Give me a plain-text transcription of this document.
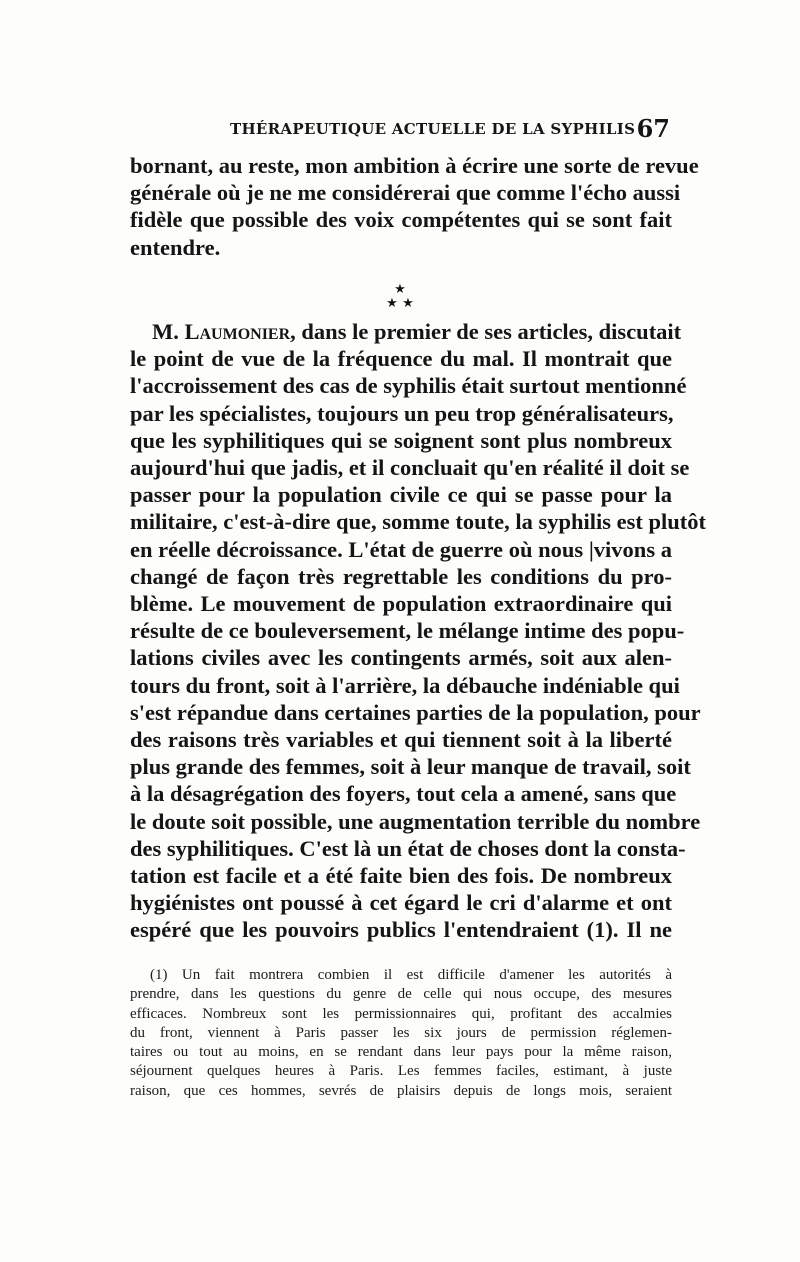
THÉRAPEUTIQUE ACTUELLE DE LA SYPHILIS 67

bornant, au reste, mon ambition à écrire une sorte de revue
générale où je ne me considérerai que comme l'écho aussi
fidèle que possible des voix compétentes qui se sont fait
entendre.

★
★ ★

M. Laumonier, dans le premier de ses articles, discutait
le point de vue de la fréquence du mal. Il montrait que
l'accroissement des cas de syphilis était surtout mentionné
par les spécialistes, toujours un peu trop généralisateurs,
que les syphilitiques qui se soignent sont plus nombreux
aujourd'hui que jadis, et il concluait qu'en réalité il doit se
passer pour la population civile ce qui se passe pour la
militaire, c'est-à-dire que, somme toute, la syphilis est plutôt
en réelle décroissance. L'état de guerre où nous |vivons a
changé de façon très regrettable les conditions du pro-
blème. Le mouvement de population extraordinaire qui
résulte de ce bouleversement, le mélange intime des popu-
lations civiles avec les contingents armés, soit aux alen-
tours du front, soit à l'arrière, la débauche indéniable qui
s'est répandue dans certaines parties de la population, pour
des raisons très variables et qui tiennent soit à la liberté
plus grande des femmes, soit à leur manque de travail, soit
à la désagrégation des foyers, tout cela a amené, sans que
le doute soit possible, une augmentation terrible du nombre
des syphilitiques. C'est là un état de choses dont la consta-
tation est facile et a été faite bien des fois. De nombreux
hygiénistes ont poussé à cet égard le cri d'alarme et ont
espéré que les pouvoirs publics l'entendraient (1). Il ne

(1) Un fait montrera combien il est difficile d'amener les autorités à
prendre, dans les questions du genre de celle qui nous occupe, des mesures
efficaces. Nombreux sont les permissionnaires qui, profitant des accalmies
du front, viennent à Paris passer les six jours de permission réglemen-
taires ou tout au moins, en se rendant dans leur pays pour la même raison,
séjournent quelques heures à Paris. Les femmes faciles, estimant, à juste
raison, que ces hommes, sevrés de plaisirs depuis de longs mois, seraient
